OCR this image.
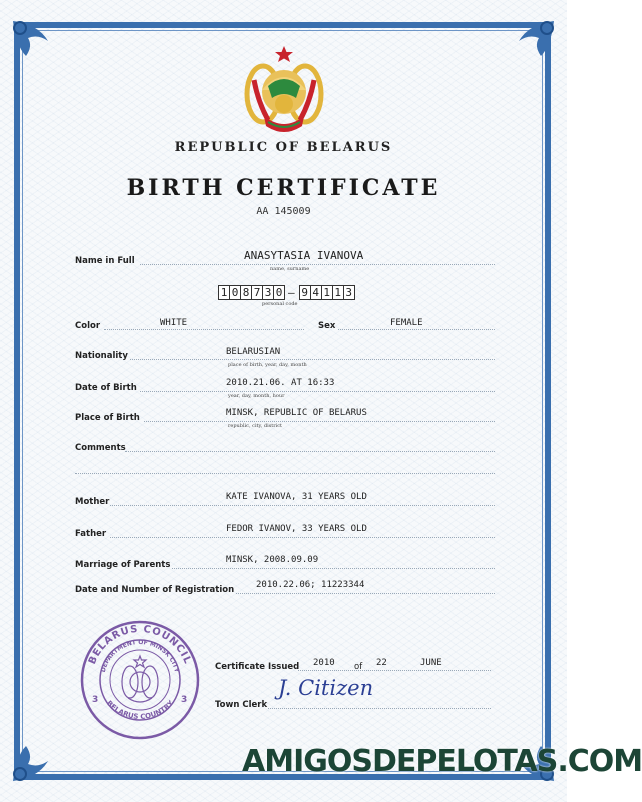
REPUBLIC OF BELARUS
BIRTH CERTIFICATE
AA 145009
Name in Full	ANASYTASIA IVANOVA
name, surname
1 0 8 7 3 0 — 9 4 1 1 3
personal code
Color	WHITE	Sex	FEMALE
Nationality	BELARUSIAN
place of birth, year, day, month
Date of Birth	2010.21.06. AT 16:33
year, day, month, hour
Place of Birth	MINSK, REPUBLIC OF BELARUS
republic, city, district
Comments
Mother	KATE IVANOVA, 31 YEARS OLD
Father	FEDOR IVANOV, 33 YEARS OLD
Marriage of Parents	MINSK, 2008.09.09
Date and Number of Registration 2010.22.06; 11223344
BELARUS COUNCIL
DEPARTMENT OF MINSK CITY
BELARUS COUNTRY
3	3
Certificate Issued 2010 of 22	JUNE
Town Clerk
J. Citizen
AMIGOSDEPELOTAS.COM
